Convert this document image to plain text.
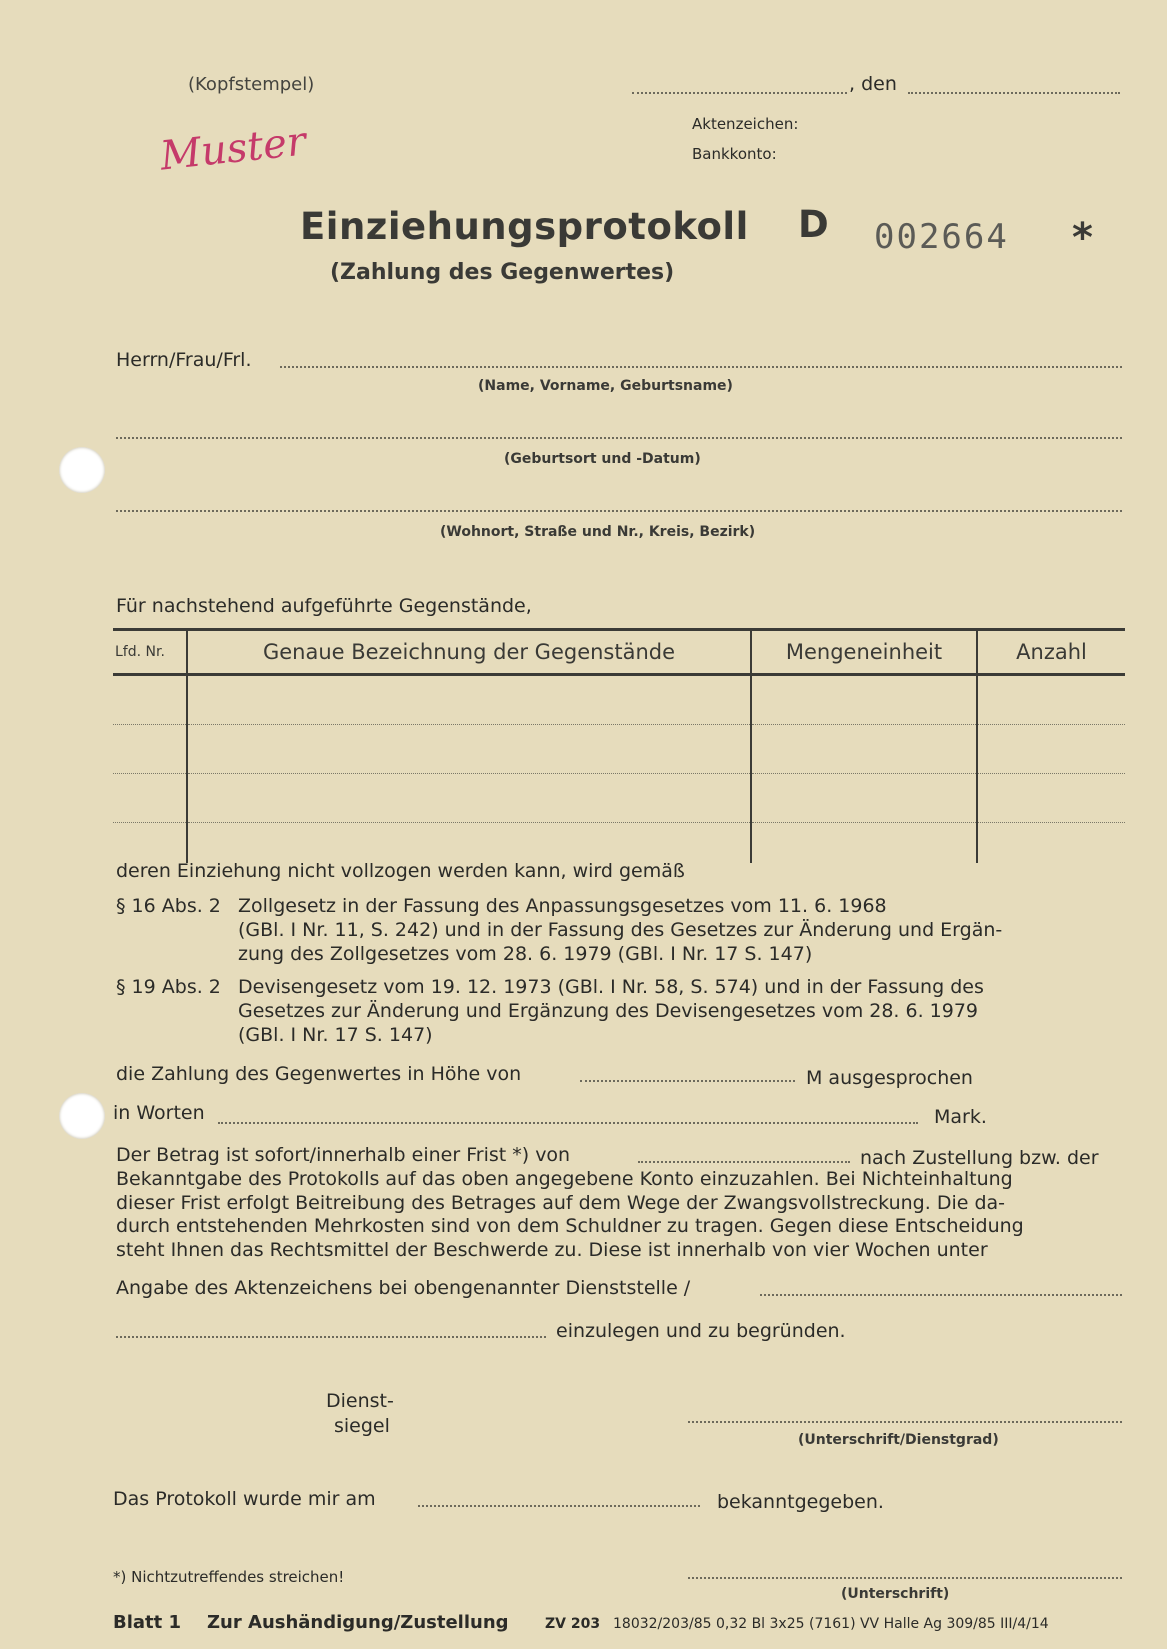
(Kopfstempel)	, den
Aktenzeichen:
Bankkonto:
Muster
Einziehungsprotokoll D 002664 *
(Zahlung des Gegenwertes)
Herrn/Frau/Frl.
(Name, Vorname, Geburtsname)
(Geburtsort und -Datum)
(Wohnort, Straße und Nr., Kreis, Bezirk)
Für nachstehend aufgeführte Gegenstände,
Lfd. Nr.	Genaue Bezeichnung der Gegenstände	Mengeneinheit	Anzahl

deren Einziehung nicht vollzogen werden kann, wird gemäß
§ 16 Abs. 2 Zollgesetz in der Fassung des Anpassungsgesetzes vom 11. 6. 1968
(GBl. I Nr. 11, S. 242) und in der Fassung des Gesetzes zur Änderung und Ergän-
zung des Zollgesetzes vom 28. 6. 1979 (GBl. I Nr. 17 S. 147)
§ 19 Abs. 2 Devisengesetz vom 19. 12. 1973 (GBl. I Nr. 58, S. 574) und in der Fassung des
Gesetzes zur Änderung und Ergänzung des Devisengesetzes vom 28. 6. 1979
(GBl. I Nr. 17 S. 147)
die Zahlung des Gegenwertes in Höhe von	M ausgesprochen
in Worten	Mark.
Der Betrag ist sofort/innerhalb einer Frist *) von	nach Zustellung bzw. der

Bekanntgabe des Protokolls auf das oben angegebene Konto einzuzahlen. Bei Nichteinhaltung

dieser Frist erfolgt Beitreibung des Betrages auf dem Wege der Zwangsvollstreckung. Die da-

durch entstehenden Mehrkosten sind von dem Schuldner zu tragen. Gegen diese Entscheidung

steht Ihnen das Rechtsmittel der Beschwerde zu. Diese ist innerhalb von vier Wochen unter

Angabe des Aktenzeichens bei obengenannter Dienststelle /
einzulegen und zu begründen.
Dienst-
siegel
(Unterschrift/Dienstgrad)
Das Protokoll wurde mir am	bekanntgegeben.
*) Nichtzutreffendes streichen!
(Unterschrift)
Blatt 1 Zur Aushändigung/Zustellung	ZV 203 18032/203/85 0,32 Bl 3x25 (7161) VV Halle Ag 309/85 III/4/14
